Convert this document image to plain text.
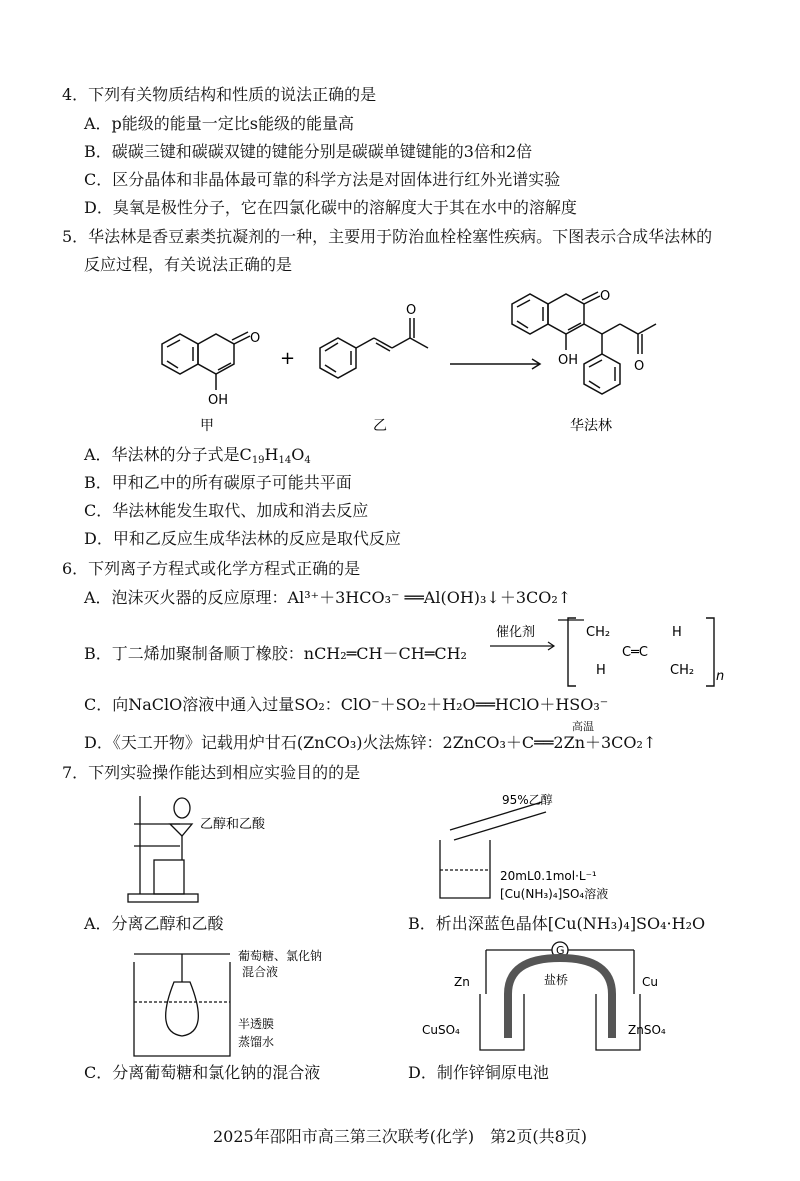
4．下列有关物质结构和性质的说法正确的是
A．p能级的能量一定比s能级的能量高
B．碳碳三键和碳碳双键的键能分别是碳碳单键键能的3倍和2倍
C．区分晶体和非晶体最可靠的科学方法是对固体进行红外光谱实验
D．臭氧是极性分子，它在四氯化碳中的溶解度大于其在水中的溶解度
5．华法林是香豆素类抗凝剂的一种，主要用于防治血栓栓塞性疾病。下图表示合成华法林的
反应过程，有关说法正确的是
O
OH
+
O
O
OH	O
甲	乙	华法林
A．华法林的分子式是$C_{19}H_{14}O_4$
B．甲和乙中的所有碳原子可能共平面
C．华法林能发生取代、加成和消去反应
D．甲和乙反应生成华法林的反应是取代反应
6．下列离子方程式或化学方程式正确的是
A．泡沫灭火器的反应原理：Al³⁺＋3HCO₃⁻ ══Al(OH)₃↓＋3CO₂↑
B．丁二烯加聚制备顺丁橡胶：nCH₂═CH－CH═CH₂
催化剂	CH₂
H
C═C
H
CH₂ n
C．向NaClO溶液中通入过量SO₂：ClO⁻＋SO₂＋H₂O══HClO＋HSO₃⁻
D．《天工开物》记载用炉甘石(ZnCO₃)火法炼锌：2ZnCO₃＋C══2Zn＋3CO₂↑
高温
7．下列实验操作能达到相应实验目的的是
乙醇和乙酸
A．分离乙醇和乙酸
95%乙醇
20mL0.1mol·L⁻¹
[Cu(NH₃)₄]SO₄溶液
B．析出深蓝色晶体[Cu(NH₃)₄]SO₄·H₂O
葡萄糖、氯化钠
混合液
半透膜
蒸馏水
C．分离葡萄糖和氯化钠的混合液
G
Zn	Cu
盐桥
CuSO₄	ZnSO₄
D．制作锌铜原电池
2025年邵阳市高三第三次联考(化学)　第2页(共8页)
